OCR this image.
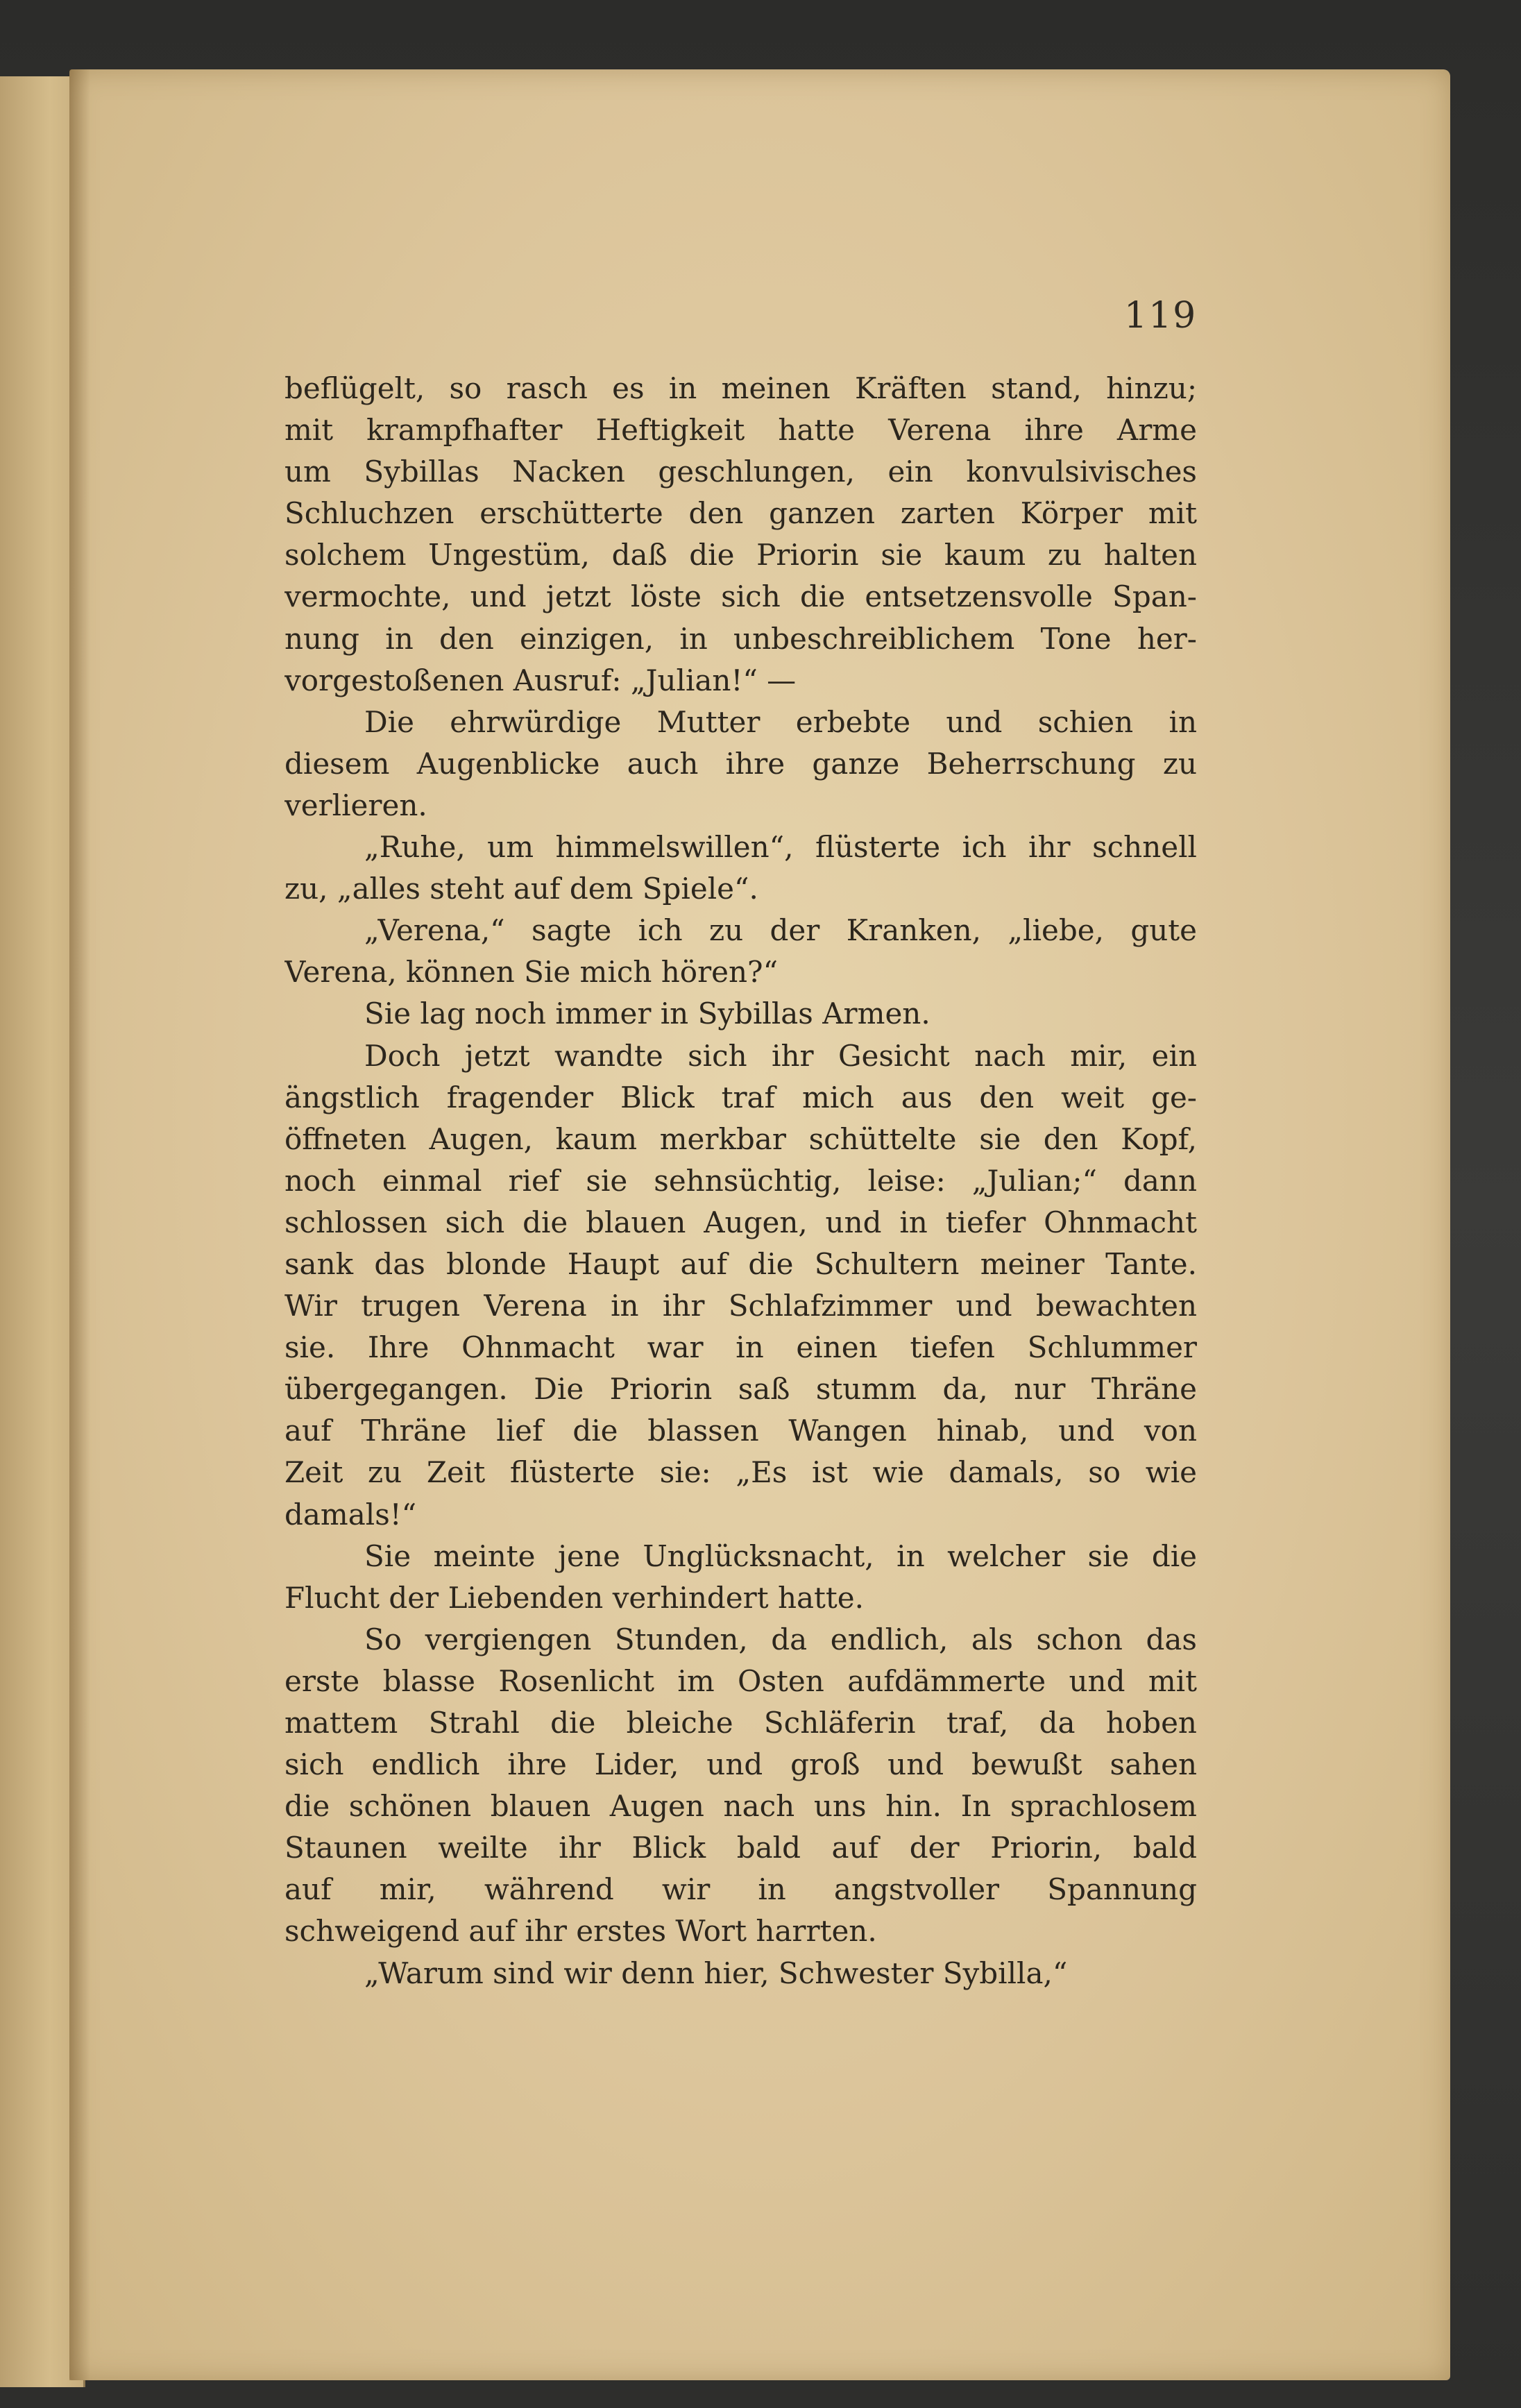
119
beflügelt, so rasch es in meinen Kräften stand, hinzu;
mit krampfhafter Heftigkeit hatte Verena ihre Arme
um Sybillas Nacken geschlungen, ein konvulsivisches
Schluchzen erschütterte den ganzen zarten Körper mit
solchem Ungestüm, daß die Priorin sie kaum zu halten
vermochte, und jetzt löste sich die entsetzensvolle Span-
nung in den einzigen, in unbeschreiblichem Tone her-
vorgestoßenen Ausruf: „Julian!“ —
Die ehrwürdige Mutter erbebte und schien in
diesem Augenblicke auch ihre ganze Beherrschung zu
verlieren.
„Ruhe, um himmelswillen“, flüsterte ich ihr schnell
zu, „alles steht auf dem Spiele“.
„Verena,“ sagte ich zu der Kranken, „liebe, gute
Verena, können Sie mich hören?“
Sie lag noch immer in Sybillas Armen.
Doch jetzt wandte sich ihr Gesicht nach mir, ein
ängstlich fragender Blick traf mich aus den weit ge-
öffneten Augen, kaum merkbar schüttelte sie den Kopf,
noch einmal rief sie sehnsüchtig, leise: „Julian;“ dann
schlossen sich die blauen Augen, und in tiefer Ohnmacht
sank das blonde Haupt auf die Schultern meiner Tante.
Wir trugen Verena in ihr Schlafzimmer und bewachten
sie. Ihre Ohnmacht war in einen tiefen Schlummer
übergegangen. Die Priorin saß stumm da, nur Thräne
auf Thräne lief die blassen Wangen hinab, und von
Zeit zu Zeit flüsterte sie: „Es ist wie damals, so wie
damals!“
Sie meinte jene Unglücksnacht, in welcher sie die
Flucht der Liebenden verhindert hatte.
So vergiengen Stunden, da endlich, als schon das
erste blasse Rosenlicht im Osten aufdämmerte und mit
mattem Strahl die bleiche Schläferin traf, da hoben
sich endlich ihre Lider, und groß und bewußt sahen
die schönen blauen Augen nach uns hin. In sprachlosem
Staunen weilte ihr Blick bald auf der Priorin, bald
auf mir, während wir in angstvoller Spannung
schweigend auf ihr erstes Wort harrten.
„Warum sind wir denn hier, Schwester Sybilla,“
